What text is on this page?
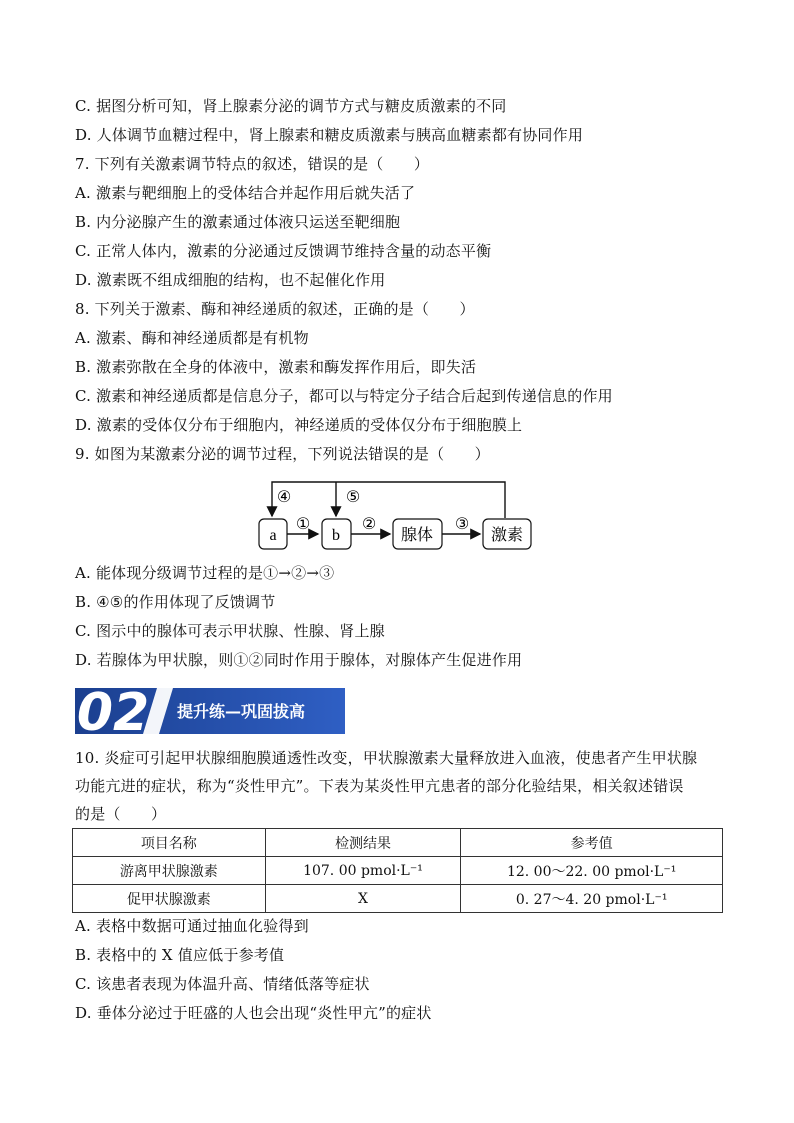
C. 据图分析可知，肾上腺素分泌的调节方式与糖皮质激素的不同
D. 人体调节血糖过程中，肾上腺素和糖皮质激素与胰高血糖素都有协同作用
7. 下列有关激素调节特点的叙述，错误的是（　　）
A. 激素与靶细胞上的受体结合并起作用后就失活了
B. 内分泌腺产生的激素通过体液只运送至靶细胞
C. 正常人体内，激素的分泌通过反馈调节维持含量的动态平衡
D. 激素既不组成细胞的结构，也不起催化作用
8. 下列关于激素、酶和神经递质的叙述，正确的是（　　）
A. 激素、酶和神经递质都是有机物
B. 激素弥散在全身的体液中，激素和酶发挥作用后，即失活
C. 激素和神经递质都是信息分子，都可以与特定分子结合后起到传递信息的作用
D. 激素的受体仅分布于细胞内，神经递质的受体仅分布于细胞膜上
9. 如图为某激素分泌的调节过程，下列说法错误的是（　　）
a	b	腺体	激素
①	②	③
④	⑤
A. 能体现分级调节过程的是①→②→③
B. ④⑤的作用体现了反馈调节
C. 图示中的腺体可表示甲状腺、性腺、肾上腺
D. 若腺体为甲状腺，则①②同时作用于腺体，对腺体产生促进作用
02 提升练—巩固拔高
10. 炎症可引起甲状腺细胞膜通透性改变，甲状腺激素大量释放进入血液，使患者产生甲状腺
功能亢进的症状，称为“炎性甲亢”。下表为某炎性甲亢患者的部分化验结果，相关叙述错误
的是（　　）
项目名称	检测结果	参考值
游离甲状腺激素	107. 00 pmol·L⁻¹	12. 00～22. 00 pmol·L⁻¹
促甲状腺激素	X	0. 27～4. 20 pmol·L⁻¹
A. 表格中数据可通过抽血化验得到
B. 表格中的 X 值应低于参考值
C. 该患者表现为体温升高、情绪低落等症状
D. 垂体分泌过于旺盛的人也会出现“炎性甲亢”的症状
